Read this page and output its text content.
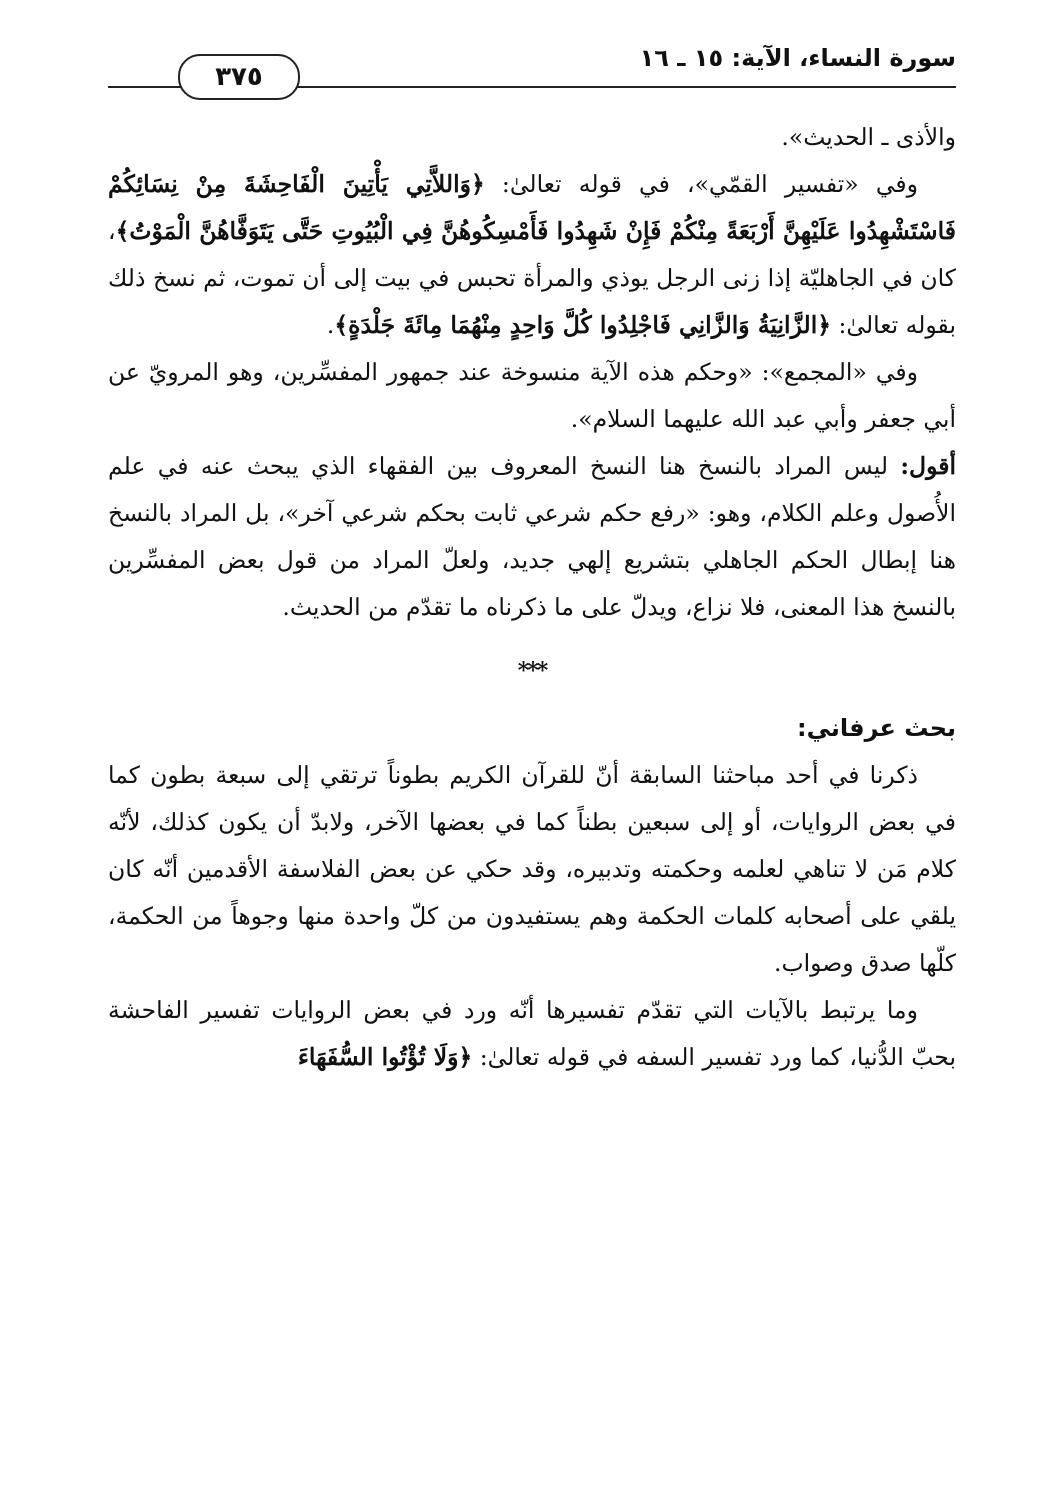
سورة النساء، الآية: ١٥ ـ ١٦
٣٧٥

والأذى ـ الحديث».

وفي «تفسير القمّي»، في قوله تعالىٰ: ﴿وَاللاَّتِي يَأْتِينَ الْفَاحِشَةَ مِنْ نِسَائِكُمْ فَاسْتَشْهِدُوا عَلَيْهِنَّ أَرْبَعَةً مِنْكُمْ فَإِنْ شَهِدُوا فَأَمْسِكُوهُنَّ فِي الْبُيُوتِ حَتَّى يَتَوَفَّاهُنَّ الْمَوْتُ﴾، كان في الجاهليّة إذا زنى الرجل يوذي والمرأة تحبس في بيت إلى أن تموت، ثم نسخ ذلك بقوله تعالىٰ: ﴿الزَّانِيَةُ وَالزَّانِي فَاجْلِدُوا كُلَّ وَاحِدٍ مِنْهُمَا مِائَةَ جَلْدَةٍ﴾.

وفي «المجمع»: «وحكم هذه الآية منسوخة عند جمهور المفسِّرين، وهو المرويّ عن أبي جعفر وأبي عبد الله عليهما السلام».

أقول: ليس المراد بالنسخ هنا النسخ المعروف بين الفقهاء الذي يبحث عنه في علم الأُصول وعلم الكلام، وهو: «رفع حكم شرعي ثابت بحكم شرعي آخر»، بل المراد بالنسخ هنا إبطال الحكم الجاهلي بتشريع إلهي جديد، ولعلّ المراد من قول بعض المفسِّرين بالنسخ هذا المعنى، فلا نزاع، ويدلّ على ما ذكرناه ما تقدّم من الحديث.

***

بحث عرفاني:

ذكرنا في أحد مباحثنا السابقة أنّ للقرآن الكريم بطوناً ترتقي إلى سبعة بطون كما في بعض الروايات، أو إلى سبعين بطناً كما في بعضها الآخر، ولابدّ أن يكون كذلك، لأنّه كلام مَن لا تناهي لعلمه وحكمته وتدبيره، وقد حكي عن بعض الفلاسفة الأقدمين أنّه كان يلقي على أصحابه كلمات الحكمة وهم يستفيدون من كلّ واحدة منها وجوهاً من الحكمة، كلّها صدق وصواب.

وما يرتبط بالآيات التي تقدّم تفسيرها أنّه ورد في بعض الروايات تفسير الفاحشة بحبّ الدُّنيا، كما ورد تفسير السفه في قوله تعالىٰ: ﴿وَلَا تُؤْتُوا السُّفَهَاءَ
